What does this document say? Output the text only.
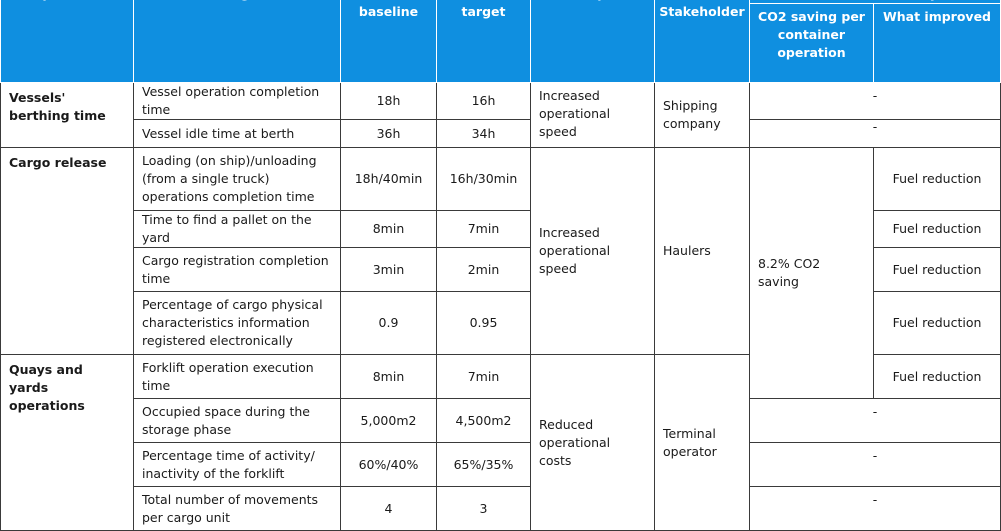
		baseline	target		Stakeholder	
						CO2 saving per container operation	What improved
Vessels' berthing time	Vessel operation completion time	18h	16h	Increased operational speed	Shipping company	-	
	Vessel idle time at berth	36h	34h			-	
Cargo release	Loading (on ship)/unloading (from a single truck) operations completion time	18h/40min	16h/30min	Increased operational speed	Haulers	8.2% CO2 saving	Fuel reduction
	Time to find a pallet on the yard	8min	7min				Fuel reduction
	Cargo registration completion time	3min	2min				Fuel reduction
	Percentage of cargo physical characteristics information registered electronically	0.9	0.95				Fuel reduction
Quays and yards operations	Forklift operation execution time	8min	7min	Reduced operational costs	Terminal operator		Fuel reduction
	Occupied space during the storage phase	5,000m2	4,500m2			-	
	Percentage time of activity/ inactivity of the forklift	60%/40%	65%/35%			-	
	Total number of movements per cargo unit	4	3			-	
